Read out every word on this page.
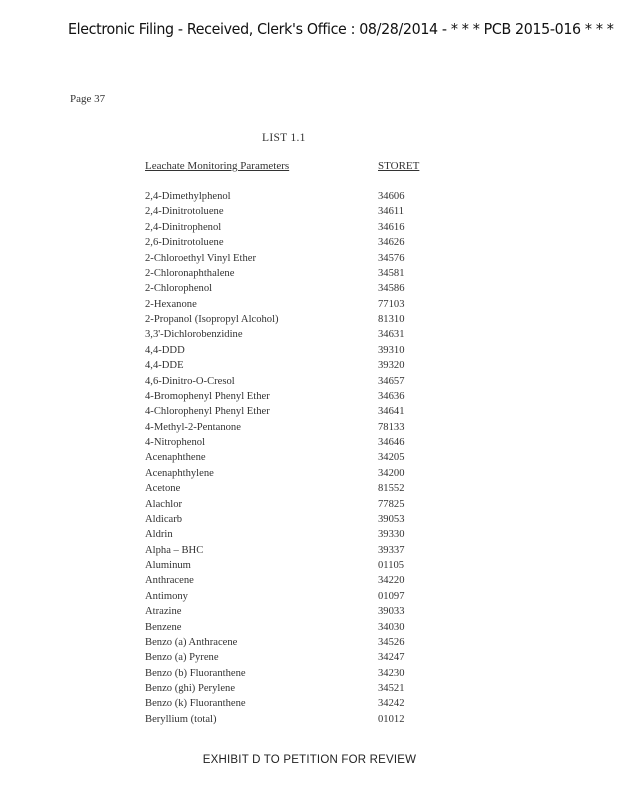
Electronic Filing - Received, Clerk's Office : 08/28/2014 - * * * PCB 2015-016 * * *
Page 37
LIST 1.1
Leachate Monitoring Parameters	STORET
2,4-Dimethylphenol	34606
2,4-Dinitrotoluene	34611
2,4-Dinitrophenol	34616
2,6-Dinitrotoluene	34626
2-Chloroethyl Vinyl Ether	34576
2-Chloronaphthalene	34581
2-Chlorophenol	34586
2-Hexanone	77103
2-Propanol (Isopropyl Alcohol)	81310
3,3'-Dichlorobenzidine	34631
4,4-DDD	39310
4,4-DDE	39320
4,6-Dinitro-O-Cresol	34657
4-Bromophenyl Phenyl Ether	34636
4-Chlorophenyl Phenyl Ether	34641
4-Methyl-2-Pentanone	78133
4-Nitrophenol	34646
Acenaphthene	34205
Acenaphthylene	34200
Acetone	81552
Alachlor	77825
Aldicarb	39053
Aldrin	39330
Alpha – BHC	39337
Aluminum	01105
Anthracene	34220
Antimony	01097
Atrazine	39033
Benzene	34030
Benzo (a) Anthracene	34526
Benzo (a) Pyrene	34247
Benzo (b) Fluoranthene	34230
Benzo (ghi) Perylene	34521
Benzo (k) Fluoranthene	34242
Beryllium (total)	01012
EXHIBIT D TO PETITION FOR REVIEW
